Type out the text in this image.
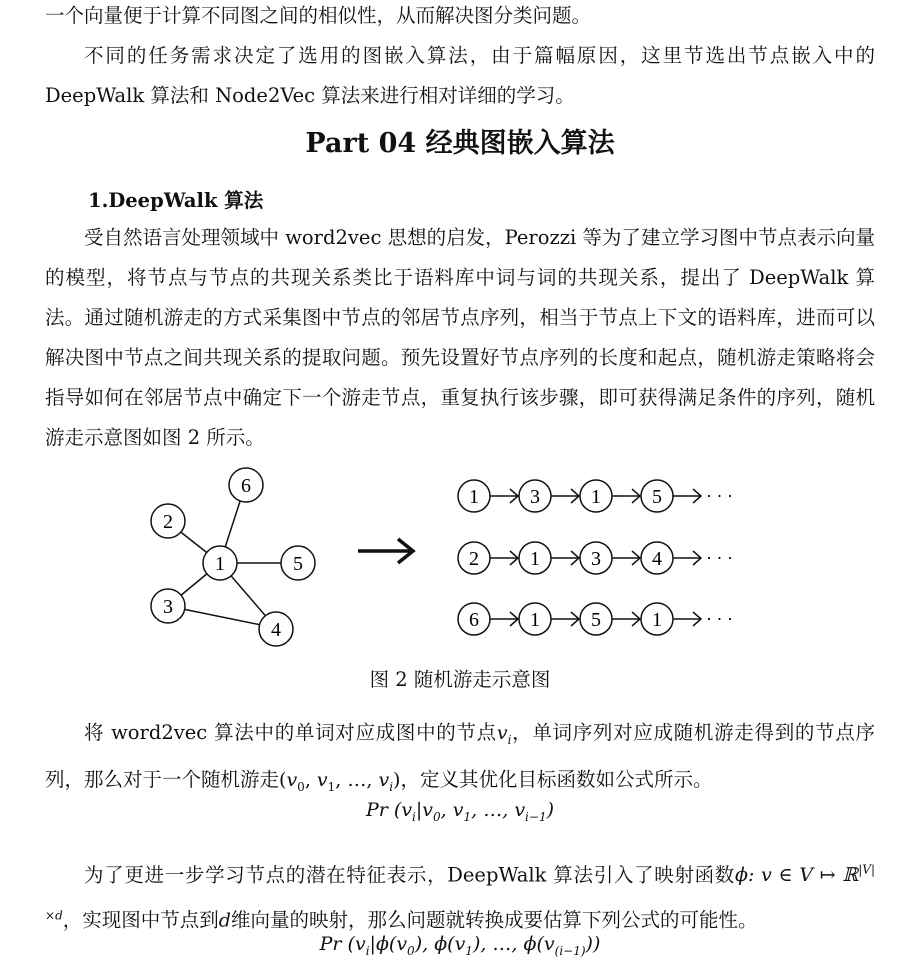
一个向量便于计算不同图之间的相似性，从而解决图分类问题。

不同的任务需求决定了选用的图嵌入算法，由于篇幅原因，这里节选出节点嵌入中的DeepWalk 算法和 Node2Vec 算法来进行相对详细的学习。

Part 04 经典图嵌入算法

1.DeepWalk 算法

受自然语言处理领域中 word2vec 思想的启发，Perozzi 等为了建立学习图中节点表示向量的模型，将节点与节点的共现关系类比于语料库中词与词的共现关系，提出了 DeepWalk 算法。通过随机游走的方式采集图中节点的邻居节点序列，相当于节点上下文的语料库，进而可以解决图中节点之间共现关系的提取问题。预先设置好节点序列的长度和起点，随机游走策略将会指导如何在邻居节点中确定下一个游走节点，重复执行该步骤，即可获得满足条件的序列，随机游走示意图如图 2 所示。

6
2
1	5
3
4
1	3	1	5 · · ·
2	1	3	4 · · ·
6	1	5	1 · · ·

图 2 随机游走示意图

将 word2vec 算法中的单词对应成图中的节点$v_i$，单词序列对应成随机游走得到的节点序列，那么对于一个随机游走($v_0$, $v_1$, …, $v_i$)，定义其优化目标函数如公式所示。

Pr ($v_i|v_0$, $v_1$, …, $v_{i-1}$)

为了更进一步学习节点的潜在特征表示，DeepWalk 算法引入了映射函数ϕ: v ∈ V ↦ ℝ$^{|V|\times d}$，实现图中节点到d维向量的映射，那么问题就转换成要估算下列公式的可能性。

Pr ($v_i|\phi(v_0)$, $\phi(v_1)$, …, $\phi(v_{(i-1)})$)
